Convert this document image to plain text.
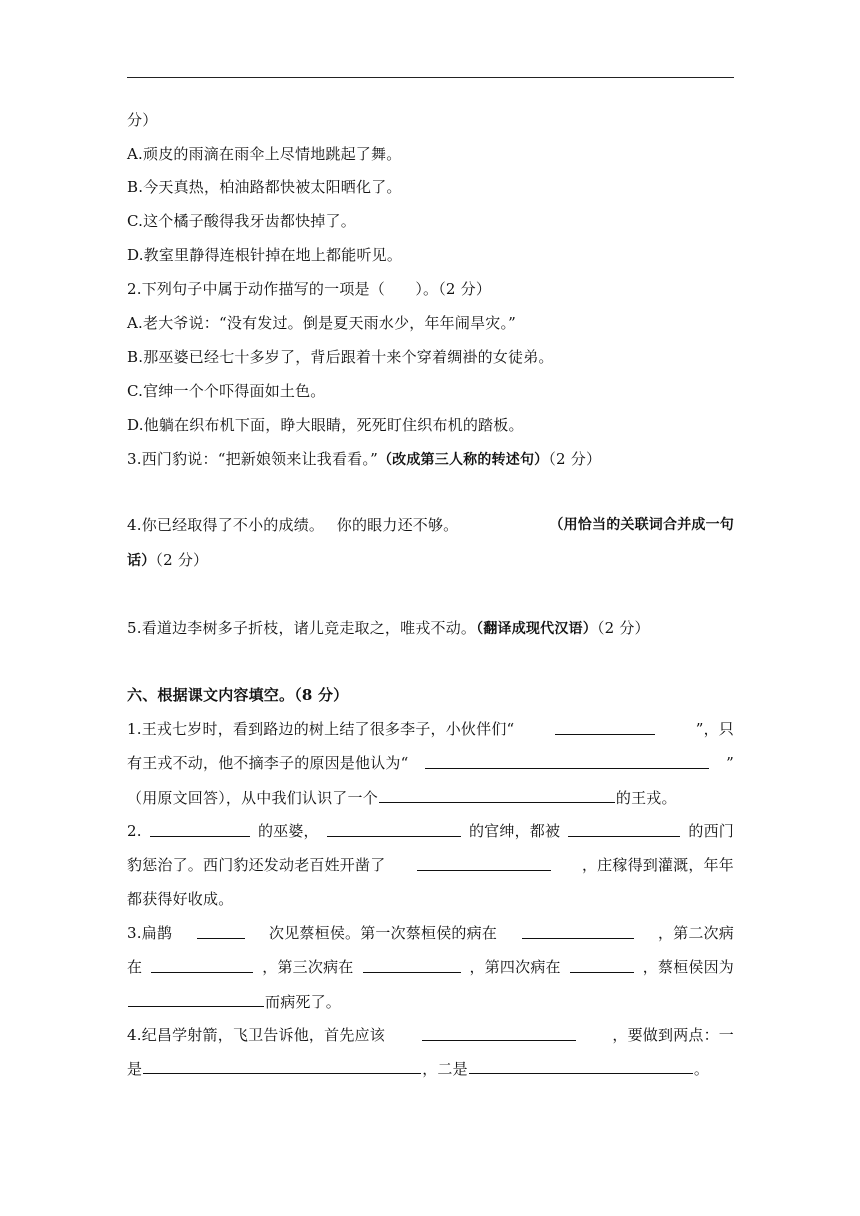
分）
A.顽皮的雨滴在雨伞上尽情地跳起了舞。
B.今天真热，柏油路都快被太阳晒化了。
C.这个橘子酸得我牙齿都快掉了。
D.教室里静得连根针掉在地上都能听见。
2.下列句子中属于动作描写的一项是（　　）。（2 分）
A.老大爷说：“没有发过。倒是夏天雨水少，年年闹旱灾。”
B.那巫婆已经七十多岁了，背后跟着十来个穿着绸褂的女徒弟。
C.官绅一个个吓得面如土色。
D.他躺在织布机下面，睁大眼睛，死死盯住织布机的踏板。
3.西门豹说：“把新娘领来让我看看。”（改成第三人称的转述句）（2 分）
4.你已经取得了不小的成绩。　 你的眼力还不够。	（用恰当的关联词合并成一句
话）（2 分）
5.看道边李树多子折枝，诸儿竞走取之，唯戎不动。（翻译成现代汉语）（2 分）
六、根据课文内容填空。（8 分）
1.王戎七岁时，看到路边的树上结了很多李子，小伙伴们“	”，只
有王戎不动，他不摘李子的原因是他认为“	”
（用原文回答），从中我们认识了一个	的王戎。
2.	的巫婆，	的官绅，都被	的西门
豹惩治了。西门豹还发动老百姓开凿了	，庄稼得到灌溉，年年
都获得好收成。
3.扁鹊	次见蔡桓侯。第一次蔡桓侯的病在	，第二次病
在	，第三次病在	，第四次病在	，蔡桓侯因为
而病死了。
4.纪昌学射箭，飞卫告诉他，首先应该	，要做到两点：一
是	，二是	。
